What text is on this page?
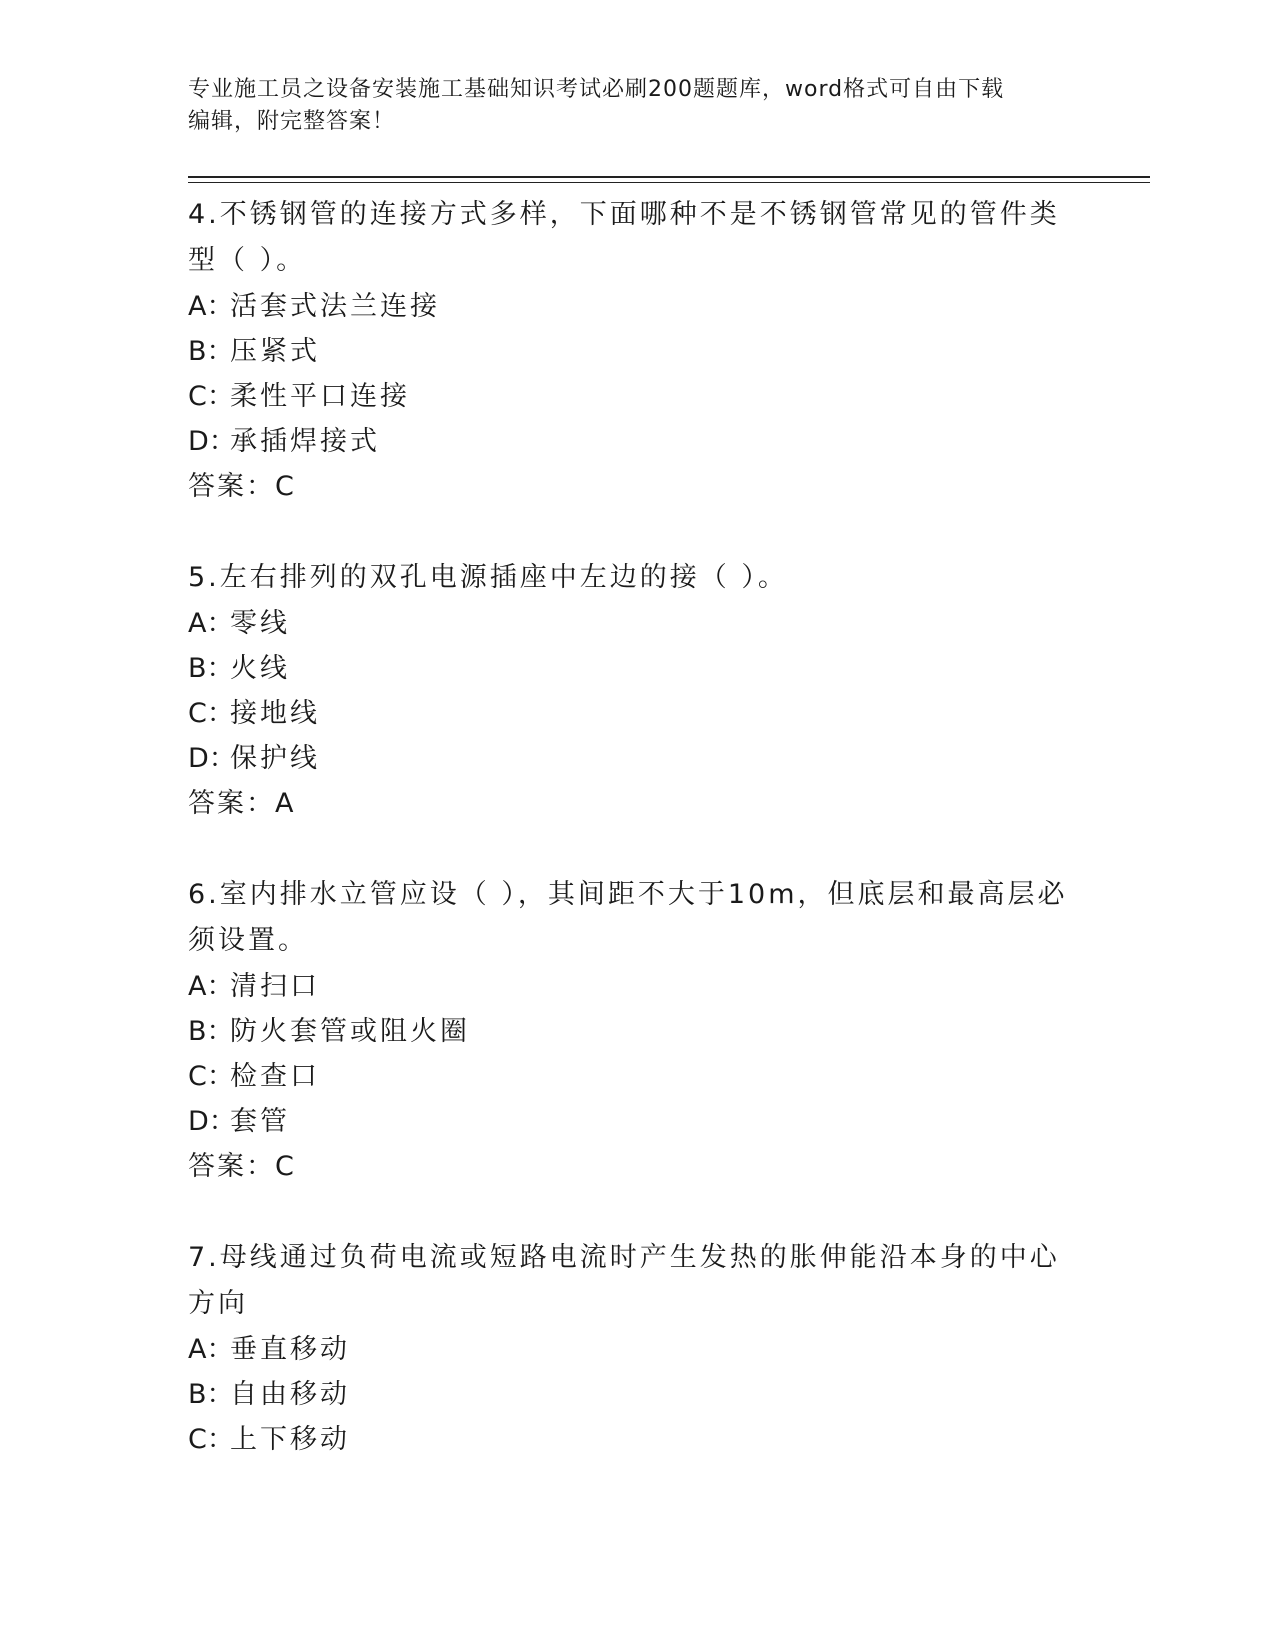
专业施工员之设备安装施工基础知识考试必刷200题题库，word格式可自由下载
编辑，附完整答案！
4.不锈钢管的连接方式多样，下面哪种不是不锈钢管常见的管件类型（ ）。
A：活套式法兰连接
B：压紧式
C：柔性平口连接
D：承插焊接式
答案：C
5.左右排列的双孔电源插座中左边的接（ ）。
A：零线
B：火线
C：接地线
D：保护线
答案：A
6.室内排水立管应设（ ），其间距不大于10m，但底层和最高层必须设置。
A：清扫口
B：防火套管或阻火圈
C：检查口
D：套管
答案：C
7.母线通过负荷电流或短路电流时产生发热的胀伸能沿本身的中心方向
A：垂直移动
B：自由移动
C：上下移动
